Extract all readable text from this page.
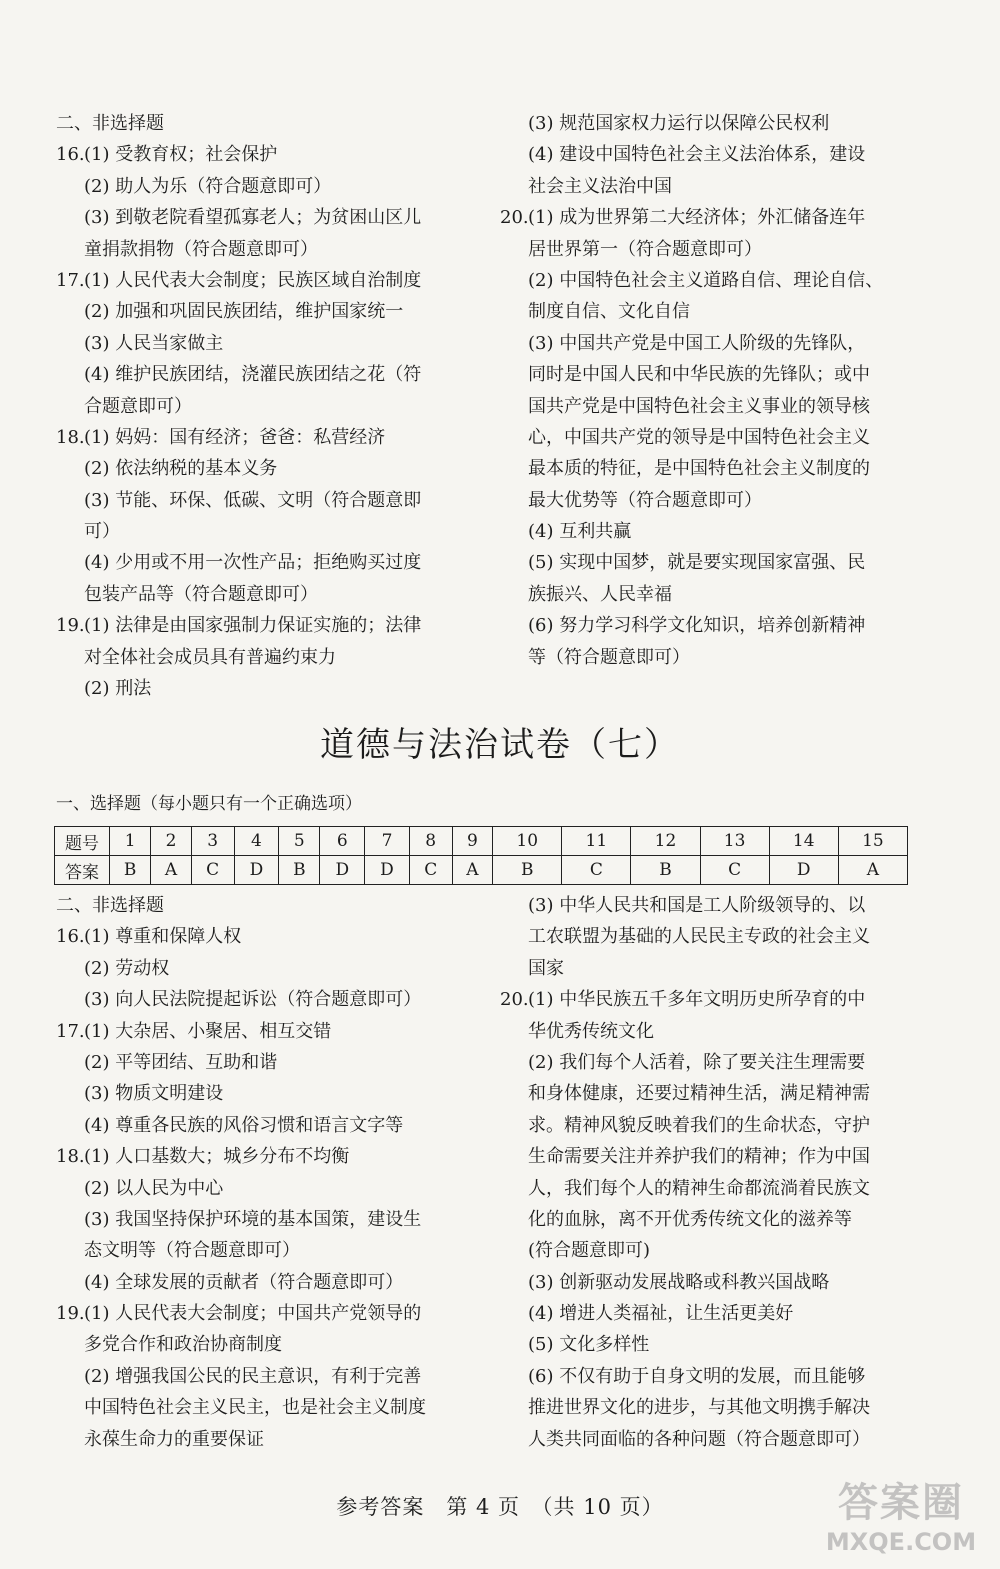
二、非选择题
16.(1) 受教育权；社会保护
(2) 助人为乐（符合题意即可）
(3) 到敬老院看望孤寡老人；为贫困山区儿
童捐款捐物（符合题意即可）
17.(1) 人民代表大会制度；民族区域自治制度
(2) 加强和巩固民族团结，维护国家统一
(3) 人民当家做主
(4) 维护民族团结，浇灌民族团结之花（符
合题意即可）
18.(1) 妈妈：国有经济；爸爸：私营经济
(2) 依法纳税的基本义务
(3) 节能、环保、低碳、文明（符合题意即
可）
(4) 少用或不用一次性产品；拒绝购买过度
包装产品等（符合题意即可）
19.(1) 法律是由国家强制力保证实施的；法律
对全体社会成员具有普遍约束力
(2) 刑法
(3) 规范国家权力运行以保障公民权利
(4) 建设中国特色社会主义法治体系，建设
社会主义法治中国
20.(1) 成为世界第二大经济体；外汇储备连年
居世界第一（符合题意即可）
(2) 中国特色社会主义道路自信、理论自信、
制度自信、文化自信
(3) 中国共产党是中国工人阶级的先锋队，
同时是中国人民和中华民族的先锋队；或中
国共产党是中国特色社会主义事业的领导核
心，中国共产党的领导是中国特色社会主义
最本质的特征，是中国特色社会主义制度的
最大优势等（符合题意即可）
(4) 互利共赢
(5) 实现中国梦，就是要实现国家富强、民
族振兴、人民幸福
(6) 努力学习科学文化知识，培养创新精神
等（符合题意即可）
道德与法治试卷（七）
一、选择题（每小题只有一个正确选项）
题号	1	2	3	4	5	6	7	8	9	10	11	12	13	14	15
答案	B	A	C	D	B	D	D	C	A	B	C	B	C	D	A
二、非选择题
16.(1) 尊重和保障人权
(2) 劳动权
(3) 向人民法院提起诉讼（符合题意即可）
17.(1) 大杂居、小聚居、相互交错
(2) 平等团结、互助和谐
(3) 物质文明建设
(4) 尊重各民族的风俗习惯和语言文字等
18.(1) 人口基数大；城乡分布不均衡
(2) 以人民为中心
(3) 我国坚持保护环境的基本国策，建设生
态文明等（符合题意即可）
(4) 全球发展的贡献者（符合题意即可）
19.(1) 人民代表大会制度；中国共产党领导的
多党合作和政治协商制度
(2) 增强我国公民的民主意识，有利于完善
中国特色社会主义民主，也是社会主义制度
永葆生命力的重要保证
(3) 中华人民共和国是工人阶级领导的、以
工农联盟为基础的人民民主专政的社会主义
国家
20.(1) 中华民族五千多年文明历史所孕育的中
华优秀传统文化
(2) 我们每个人活着，除了要关注生理需要
和身体健康，还要过精神生活，满足精神需
求。精神风貌反映着我们的生命状态，守护
生命需要关注并养护我们的精神；作为中国
人，我们每个人的精神生命都流淌着民族文
化的血脉，离不开优秀传统文化的滋养等
(符合题意即可)
(3) 创新驱动发展战略或科教兴国战略
(4) 增进人类福祉，让生活更美好
(5) 文化多样性
(6) 不仅有助于自身文明的发展，而且能够
推进世界文化的进步，与其他文明携手解决
人类共同面临的各种问题（符合题意即可）
参考答案　第 4 页　（共 10 页）	答案圈
MXQE.COM
